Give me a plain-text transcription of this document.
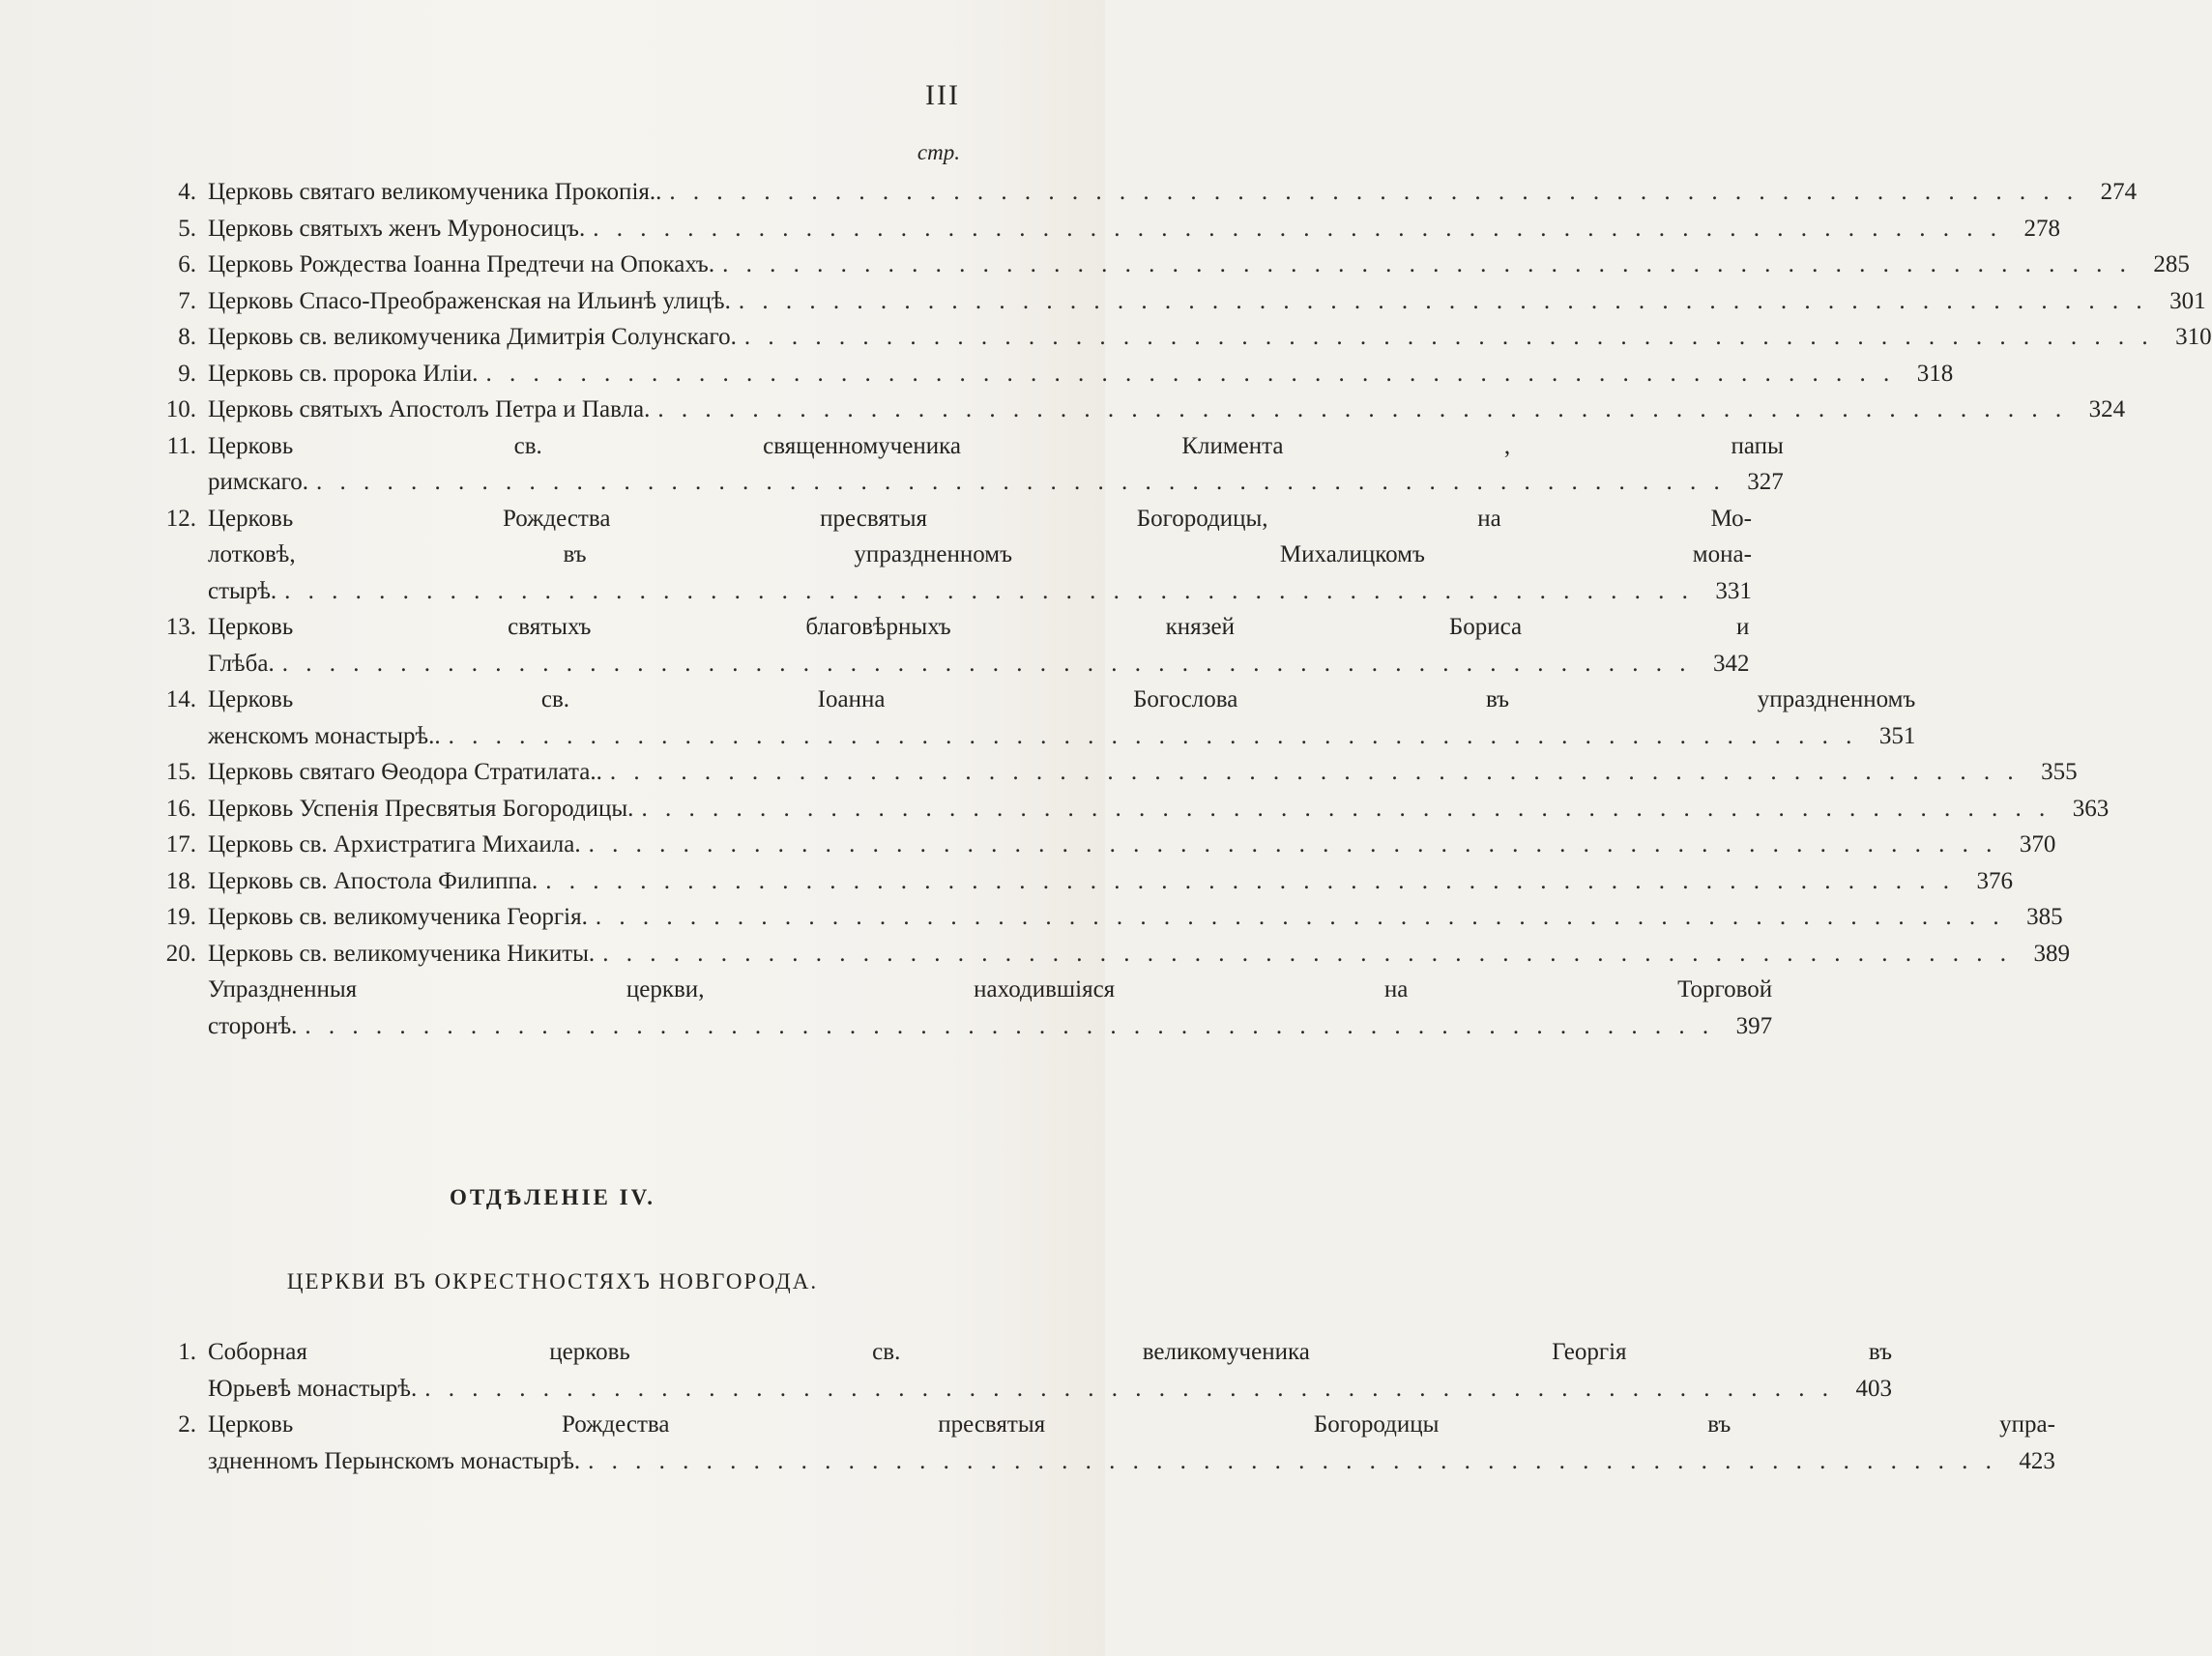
III
стр.
4. Церковь святаго великомученика Прокопія.. . . .	274
5. Церковь святыхъ женъ Муроносицъ. . . .	278
6. Церковь Рождества Іоанна Предтечи на Опокахъ. . . .	285
7. Церковь Спасо-Преображенская на Ильинѣ улицѣ. . . .	301
8. Церковь св. великомученика Димитрія Солунскаго. . . .	310
9. Церковь св. пророка Иліи. . . .	318
10. Церковь святыхъ Апостолъ Петра и Павла. . . .	324
11. Церковь св. священномученика Климента , папы
римскаго. . . .	327
12. Церковь Рождества пресвятыя Богородицы, на Мо-
лотковѣ, въ упраздненномъ Михалицкомъ мона-
стырѣ. . . .	331
13. Церковь святыхъ благовѣрныхъ князей Бориса и
Глѣба. . . .	342
14. Церковь св. Іоанна Богослова въ упраздненномъ
женскомъ монастырѣ.. . . .	351
15. Церковь святаго Ѳеодора Стратилата.. . . .	355
16. Церковь Успенія Пресвятыя Богородицы. . . .	363
17. Церковь св. Архистратига Михаила. . . .	370
18. Церковь св. Апостола Филиппа. . . .	376
19. Церковь св. великомученика Георгія. . . .	385
20. Церковь св. великомученика Никиты. . . .	389
Упраздненныя церкви, находившіяся на Торговой
сторонѣ. . . .	397
ОТДѢЛЕНІЕ IV.
ЦЕРКВИ ВЪ ОКРЕСТНОСТЯХЪ НОВГОРОДА.
1. Соборная церковь св. великомученика Георгія въ
Юрьевѣ монастырѣ. . . .	403
2. Церковь Рождества пресвятыя Богородицы въ упра-
здненномъ Перынскомъ монастырѣ. . . .	423
